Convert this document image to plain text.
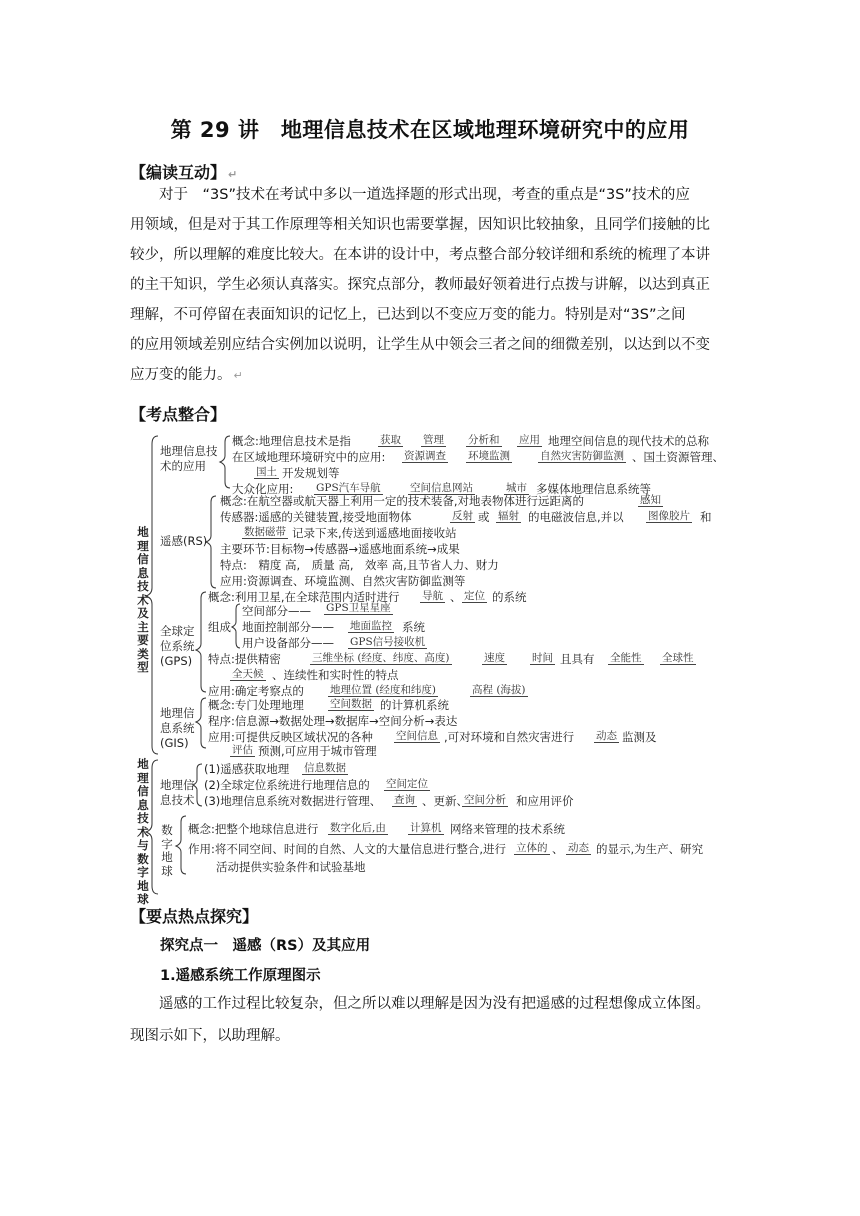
第 29 讲　地理信息技术在区域地理环境研究中的应用
【编读互动】 ↵
对于　“3S”技术在考试中多以一道选择题的形式出现，考查的重点是“3S”技术的应
用领域，但是对于其工作原理等相关知识也需要掌握，因知识比较抽象，且同学们接触的比
较少，所以理解的难度比较大。在本讲的设计中，考点整合部分较详细和系统的梳理了本讲
的主干知识，学生必须认真落实。探究点部分，教师最好领着进行点拨与讲解，以达到真正
理解，不可停留在表面知识的记忆上，已达到以不变应万变的能力。特别是对“3S”之间
的应用领域差别应结合实例加以说明，让学生从中领会三者之间的细微差别，以达到以不变
应万变的能力。 ↵
【考点整合】
地理信息技术及主要类型
地理信息技术与数字地球
地理信息技术的应用
概念:地理信息技术是指	获取 管理 分析和 应用 地理空间信息的现代技术的总称
在区域地理环境研究中的应用: 资源调查 环境监测	自然灾害防御监测 、国土资源管理、
国土 开发规划等
大众化应用: GPS汽车导航	空间信息网站	城市 多媒体地理信息系统等
遥感(RS)
概念:在航空器或航天器上利用一定的技术装备,对地表物体进行远距离的	感知
传感器:遥感的关键装置,接受地面物体	反射 或 辐射 的电磁波信息,并以 图像胶片 和
数据磁带 记录下来,传送到遥感地面接收站
主要环节:目标物→传感器→遥感地面系统→成果
特点:　精度 高,　质量 高,　效率 高,且节省人力、财力
应用:资源调查、环境监测、自然灾害防御监测等
全球定位系统(GPS)
概念:利用卫星,在全球范围内适时进行 导航 、 定位 的系统
组成
空间部分—— GPS卫星星座
地面控制部分—— 地面监控 系统
用户设备部分—— GPS信号接收机
特点:提供精密	三维坐标 (经度、纬度、高度)	速度	时间 且具有 全能性 全球性
全天候 、连续性和实时性的特点
应用:确定考察点的 地理位置 (经度和纬度)	高程 (海拔)
地理信息系统(GIS)
概念:专门处理地理 空间数据 的计算机系统
程序:信息源→数据处理→数据库→空间分析→表达
应用:可提供反映区域状况的各种 空间信息 ,可对环境和自然灾害进行 动态 监测及
评估 预测,可应用于城市管理
地理信息技术
(1)遥感获取地理 信息数据
(2)全球定位系统进行地理信息的 空间定位
(3)地理信息系统对数据进行管理、 查询 、更新、
空间分析 和应用评价
数字地球
概念:把整个地球信息进行 数字化后,由 计算机 网络来管理的技术系统
作用:将不同空间、时间的自然、人文的大量信息进行整合,进行 立体的 、 动态 的显示,为生产、研究
活动提供实验条件和试验基地
【要点热点探究】
探究点一　遥感（RS）及其应用
1.遥感系统工作原理图示
遥感的工作过程比较复杂，但之所以难以理解是因为没有把遥感的过程想像成立体图。
现图示如下，以助理解。
